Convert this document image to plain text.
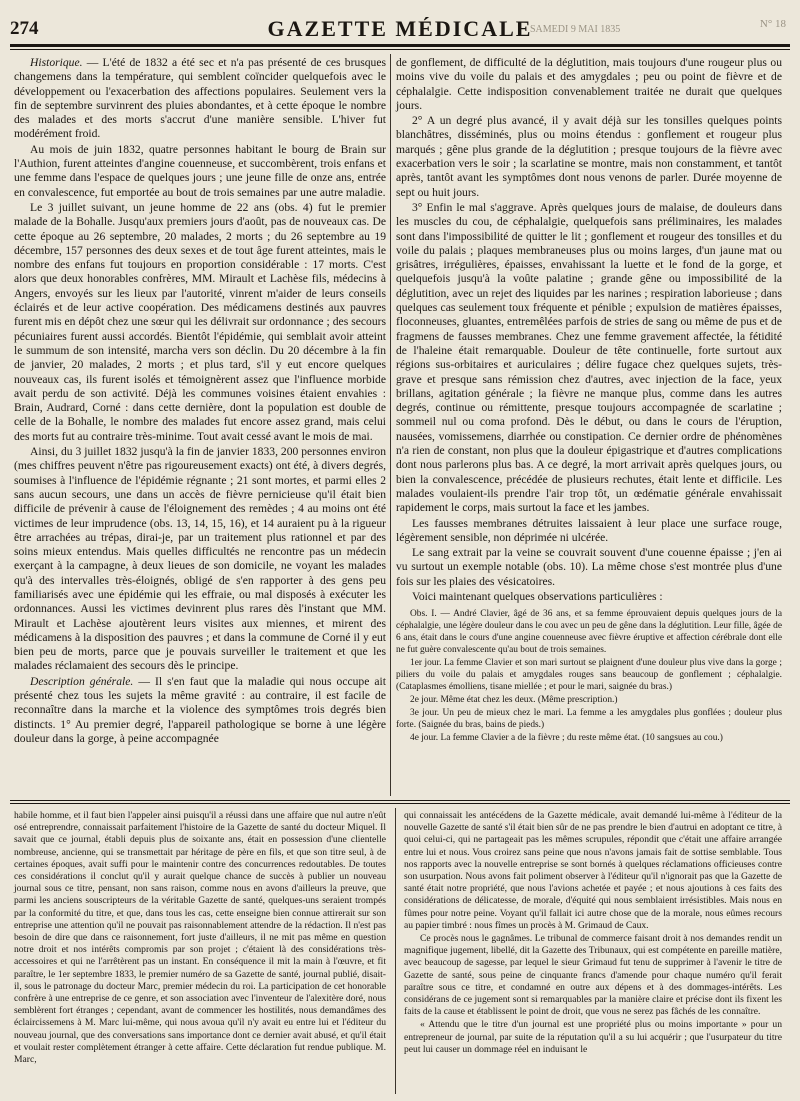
274	GAZETTE MÉDICALE
SAMEDI 9 MAI 1835	N° 18

Historique. — L'été de 1832 a été sec et n'a pas présenté de ces brusques changemens dans la température, qui semblent coïncider quelquefois avec le développement ou l'exacerbation des affections populaires. Seulement vers la fin de septembre survinrent des pluies abondantes, et à cette époque le nombre des malades et des morts s'accrut d'une manière sensible. L'hiver fut modérément froid.

Au mois de juin 1832, quatre personnes habitant le bourg de Brain sur l'Authion, furent atteintes d'angine couenneuse, et succombèrent, trois enfans et une femme dans l'espace de quelques jours ; une jeune fille de onze ans, entrée en convalescence, fut emportée au bout de trois semaines par une autre maladie.

Le 3 juillet suivant, un jeune homme de 22 ans (obs. 4) fut le premier malade de la Bohalle. Jusqu'aux premiers jours d'août, pas de nouveaux cas. De cette époque au 26 septembre, 20 malades, 2 morts ; du 26 septembre au 19 décembre, 157 personnes des deux sexes et de tout âge furent atteintes, mais le nombre des enfans fut toujours en proportion considérable : 17 morts. C'est alors que deux honorables confrères, MM. Mirault et Lachèse fils, médecins à Angers, envoyés sur les lieux par l'autorité, vinrent m'aider de leurs conseils éclairés et de leur active coopération. Des médicamens destinés aux pauvres furent mis en dépôt chez une sœur qui les délivrait sur ordonnance ; des secours pécuniaires furent aussi accordés. Bientôt l'épidémie, qui semblait avoir atteint le summum de son intensité, marcha vers son déclin. Du 20 décembre à la fin de janvier, 20 malades, 2 morts ; et plus tard, s'il y eut encore quelques nouveaux cas, ils furent isolés et témoignèrent assez que l'influence morbide avait perdu de son activité. Déjà les communes voisines étaient envahies : Brain, Audrard, Corné : dans cette dernière, dont la population est double de celle de la Bohalle, le nombre des malades fut encore assez grand, mais celui des morts fut au contraire très-minime. Tout avait cessé avant le mois de mai.

Ainsi, du 3 juillet 1832 jusqu'à la fin de janvier 1833, 200 personnes environ (mes chiffres peuvent n'être pas rigoureusement exacts) ont été, à divers degrés, soumises à l'influence de l'épidémie régnante ; 21 sont mortes, et parmi elles 2 sans aucun secours, une dans un accès de fièvre pernicieuse qu'il était bien difficile de prévenir à cause de l'éloignement des remèdes ; 4 au moins ont été victimes de leur imprudence (obs. 13, 14, 15, 16), et 14 auraient pu à la rigueur être arrachées au trépas, dirai-je, par un traitement plus rationnel et par des soins mieux entendus. Mais quelles difficultés ne rencontre pas un médecin exerçant à la campagne, à deux lieues de son domicile, ne voyant les malades qu'à des intervalles très-éloignés, obligé de s'en rapporter à des gens peu familiarisés avec une épidémie qui les effraie, ou mal disposés à exécuter les ordonnances. Aussi les victimes devinrent plus rares dès l'instant que MM. Mirault et Lachèse ajoutèrent leurs visites aux miennes, et mirent des médicamens à la disposition des pauvres ; et dans la commune de Corné il y eut bien peu de morts, parce que je pouvais surveiller le traitement et que les malades réclamaient des secours dès le principe.

Description générale. — Il s'en faut que la maladie qui nous occupe ait présenté chez tous les sujets la même gravité : au contraire, il est facile de reconnaître dans la marche et la violence des symptômes trois degrés bien distincts. 1° Au premier degré, l'appareil pathologique se borne à une légère douleur dans la gorge, à peine accompagnée

de gonflement, de difficulté de la déglutition, mais toujours d'une rougeur plus ou moins vive du voile du palais et des amygdales ; peu ou point de fièvre et de céphalalgie. Cette indisposition convenablement traitée ne durait que quelques jours.

2° A un degré plus avancé, il y avait déjà sur les tonsilles quelques points blanchâtres, disséminés, plus ou moins étendus : gonflement et rougeur plus marqués ; gêne plus grande de la déglutition ; presque toujours de la fièvre avec exacerbation vers le soir ; la scarlatine se montre, mais non constamment, et tantôt après, tantôt avant les symptômes dont nous venons de parler. Durée moyenne de sept ou huit jours.

3° Enfin le mal s'aggrave. Après quelques jours de malaise, de douleurs dans les muscles du cou, de céphalalgie, quelquefois sans préliminaires, les malades sont dans l'impossibilité de quitter le lit ; gonflement et rougeur des tonsilles et du voile du palais ; plaques membraneuses plus ou moins larges, d'un jaune mat ou grisâtres, irrégulières, épaisses, envahissant la luette et le fond de la gorge, et quelquefois jusqu'à la voûte palatine ; grande gêne ou impossibilité de la déglutition, avec un rejet des liquides par les narines ; respiration laborieuse ; dans quelques cas seulement toux fréquente et pénible ; expulsion de matières épaisses, floconneuses, gluantes, entremêlées parfois de stries de sang ou même de pus et de fragmens de fausses membranes. Chez une femme gravement affectée, la fétidité de l'haleine était remarquable. Douleur de tête continuelle, forte surtout aux régions sus-orbitaires et auriculaires ; délire fugace chez quelques sujets, très-grave et presque sans rémission chez d'autres, avec injection de la face, yeux brillans, agitation générale ; la fièvre ne manque plus, comme dans les autres degrés, continue ou rémittente, presque toujours accompagnée de scarlatine ; sommeil nul ou coma profond. Dès le début, ou dans le cours de l'éruption, nausées, vomissemens, diarrhée ou constipation. Ce dernier ordre de phénomènes n'a rien de constant, non plus que la douleur épigastrique et d'autres complications dont nous parlerons plus bas. A ce degré, la mort arrivait après quelques jours, ou bien la convalescence, précédée de plusieurs rechutes, était lente et difficile. Les malades voulaient-ils prendre l'air trop tôt, un œdématie générale envahissait rapidement le corps, mais surtout la face et les jambes.

Les fausses membranes détruites laissaient à leur place une surface rouge, légèrement sensible, non déprimée ni ulcérée.

Le sang extrait par la veine se couvrait souvent d'une couenne épaisse ; j'en ai vu surtout un exemple notable (obs. 10). La même chose s'est montrée plus d'une fois sur les plaies des vésicatoires.

Voici maintenant quelques observations particulières :

Obs. I. — André Clavier, âgé de 36 ans, et sa femme éprouvaient depuis quelques jours de la céphalalgie, une légère douleur dans le cou avec un peu de gêne dans la déglutition. Leur fille, âgée de 6 ans, était dans le cours d'une angine couenneuse avec fièvre éruptive et affection cérébrale dont elle ne fut guère convalescente qu'au bout de trois semaines.

1er jour. La femme Clavier et son mari surtout se plaignent d'une douleur plus vive dans la gorge ; piliers du voile du palais et amygdales rouges sans beaucoup de gonflement ; céphalalgie. (Cataplasmes émolliens, tisane miellée ; et pour le mari, saignée du bras.)

2e jour. Même état chez les deux. (Même prescription.)

3e jour. Un peu de mieux chez le mari. La femme a les amygdales plus gonflées ; douleur plus forte. (Saignée du bras, bains de pieds.)

4e jour. La femme Clavier a de la fièvre ; du reste même état. (10 sangsues au cou.)

habile homme, et il faut bien l'appeler ainsi puisqu'il a réussi dans une affaire que nul autre n'eût osé entreprendre, connaissait parfaitement l'histoire de la Gazette de santé du docteur Miquel. Il savait que ce journal, établi depuis plus de soixante ans, était en possession d'une clientelle nombreuse, ancienne, qui se transmettait par héritage de père en fils, et que son titre seul, à de certaines époques, avait suffi pour le maintenir contre des concurrences redoutables. De toutes ces considérations il conclut qu'il y aurait quelque chance de succès à publier un nouveau journal sous ce titre, pensant, non sans raison, comme nous en avons d'ailleurs la preuve, que parmi les anciens souscripteurs de la véritable Gazette de santé, quelques-uns seraient trompés par la conformité du titre, et que, dans tous les cas, cette enseigne bien connue attirerait sur son entreprise une attention qu'il ne pouvait pas raisonnablement attendre de la rédaction. Il n'est pas besoin de dire que dans ce raisonnement, fort juste d'ailleurs, il ne mit pas même en question notre droit et nos intérêts compromis par son projet ; c'étaient là des considérations très-accessoires et qui ne l'arrêtèrent pas un instant. En conséquence il mit la main à l'œuvre, et fit paraître, le 1er septembre 1833, le premier numéro de sa Gazette de santé, journal publié, disait-il, sous le patronage du docteur Marc, premier médecin du roi. La participation de cet honorable confrère à une entreprise de ce genre, et son association avec l'inventeur de l'alexitère doré, nous semblèrent fort étranges ; cependant, avant de commencer les hostilités, nous demandâmes des éclaircissemens à M. Marc lui-même, qui nous avoua qu'il n'y avait eu entre lui et l'éditeur du nouveau journal, que des conversations sans importance dont ce dernier avait abusé, et qu'il était et voulait rester complètement étranger à cette affaire. Cette déclaration fut rendue publique. M. Marc,

qui connaissait les antécédens de la Gazette médicale, avait demandé lui-même à l'éditeur de la nouvelle Gazette de santé s'il était bien sûr de ne pas prendre le bien d'autrui en adoptant ce titre, à quoi celui-ci, qui ne partageait pas les mêmes scrupules, répondit que c'était une affaire arrangée entre lui et nous. Vous croirez sans peine que nous n'avons jamais fait de sottise semblable. Tous nos rapports avec la nouvelle entreprise se sont bornés à quelques réclamations officieuses contre son usurpation. Nous avons fait poliment observer à l'éditeur qu'il n'ignorait pas que la Gazette de santé était notre propriété, que nous l'avions achetée et payée ; et nous ajoutions à ces faits des considérations de délicatesse, de morale, d'équité qui nous semblaient irrésistibles. Mais nous en fûmes pour notre peine. Voyant qu'il fallait ici autre chose que de la morale, nous eûmes recours au papier timbré : nous fîmes un procès à M. Grimaud de Caux.

Ce procès nous le gagnâmes. Le tribunal de commerce faisant droit à nos demandes rendit un magnifique jugement, libellé, dit la Gazette des Tribunaux, qui est compétente en pareille matière, avec beaucoup de sagesse, par lequel le sieur Grimaud fut tenu de supprimer à l'avenir le titre de Gazette de santé, sous peine de cinquante francs d'amende pour chaque numéro qu'il ferait paraître sous ce titre, et condamné en outre aux dépens et à des dommages-intérêts. Les considérans de ce jugement sont si remarquables par la manière claire et précise dont ils fixent les faits de la cause et établissent le point de droit, que vous ne serez pas fâchés de les connaître.

« Attendu que le titre d'un journal est une propriété plus ou moins importante » pour un entrepreneur de journal, par suite de la réputation qu'il a su lui acquérir ; que l'usurpateur du titre peut lui causer un dommage réel en induisant le
